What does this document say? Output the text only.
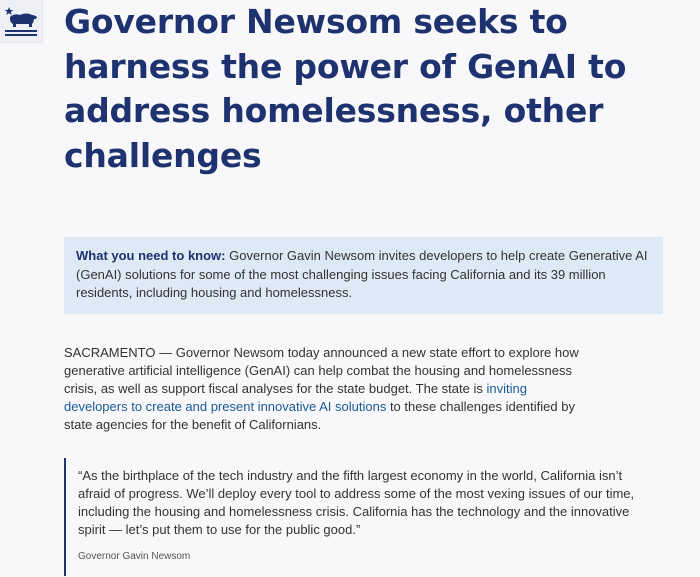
Governor Newsom seeks to harness the power of GenAI to address homelessness, other challenges
What you need to know: Governor Gavin Newsom invites developers to help create Generative AI (GenAI) solutions for some of the most challenging issues facing California and its 39 million residents, including housing and homelessness.

SACRAMENTO — Governor Newsom today announced a new state effort to explore how generative artificial intelligence (GenAI) can help combat the housing and homelessness crisis, as well as support fiscal analyses for the state budget. The state is inviting developers to create and present innovative AI solutions to these challenges identified by state agencies for the benefit of Californians.

“As the birthplace of the tech industry and the fifth largest economy in the world, California isn’t afraid of progress. We’ll deploy every tool to address some of the most vexing issues of our time, including the housing and homelessness crisis. California has the technology and the innovative spirit — let’s put them to use for the public good.”

Governor Gavin Newsom
